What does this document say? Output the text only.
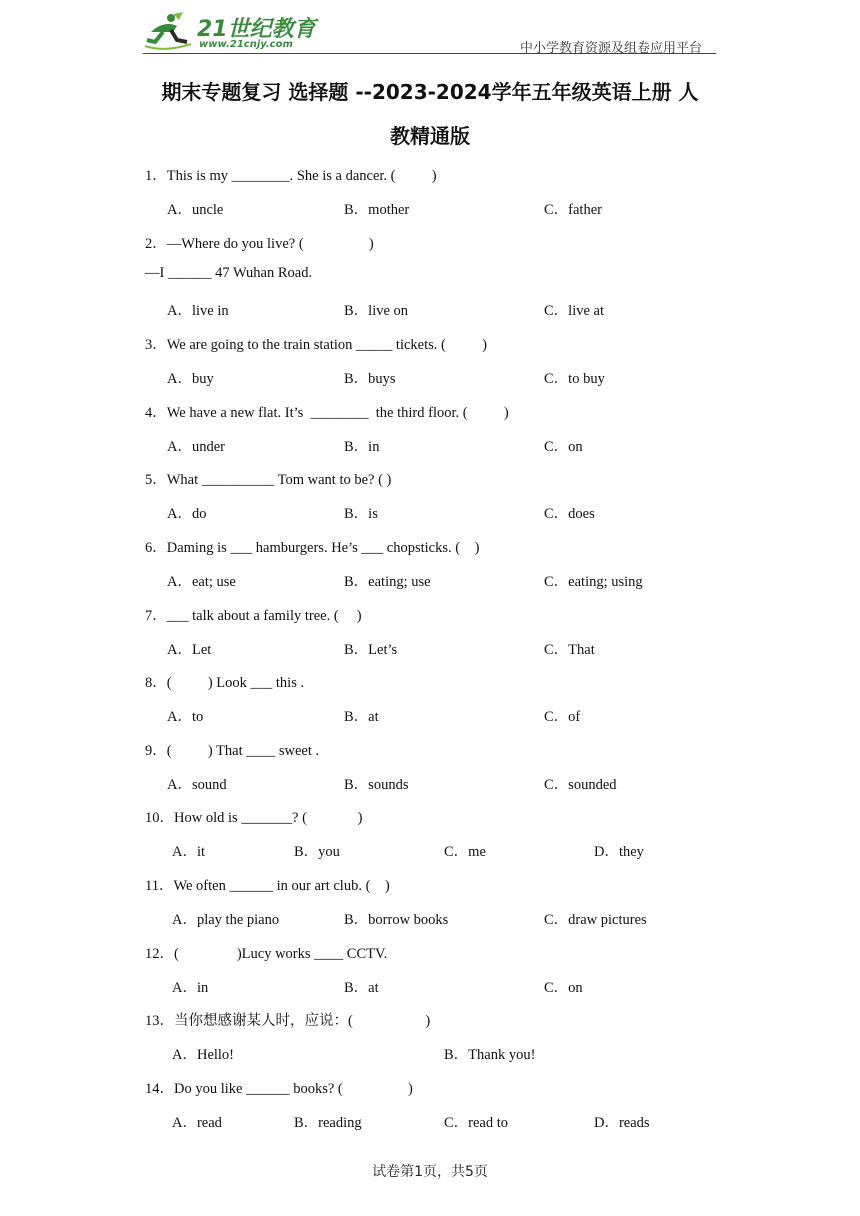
21世纪教育
www.21cnjy.com	中小学教育资源及组卷应用平台
期末专题复习 选择题 --2023-2024学年五年级英语上册 人
教精通版
1．This is my ________. She is a dancer. (          )
A．uncle	B．mother	C．father
2．—Where do you live? (                  )
—I ______ 47 Wuhan Road.
A．live in	B．live on	C．live at
3．We are going to the train station _____ tickets. (          )
A．buy	B．buys	C．to buy
4．We have a new flat. It’s  ________  the third floor. (          )
A．under	B．in	C．on
5．What __________ Tom want to be? ( )
A．do	B．is	C．does
6．Daming is ___ hamburgers. He’s ___ chopsticks. (    )
A．eat; use	B．eating; use	C．eating; using
7．___ talk about a family tree. (     )
A．Let	B．Let’s	C．That
8．(          ) Look ___ this .
A．to	B．at	C．of
9．(          ) That ____ sweet .
A．sound	B．sounds	C．sounded
10．How old is _______? (              )
A．it	B．you	C．me	D．they
11．We often ______ in our art club. (    )
A．play the piano	B．borrow books	C．draw pictures
12．(                )Lucy works ____ CCTV.
A．in	B．at	C．on
13．当你想感谢某人时，应说：(                    )
A．Hello!	B．Thank you!
14．Do you like ______ books? (                  )
A．read	B．reading	C．read to	D．reads
试卷第1页，共5页
